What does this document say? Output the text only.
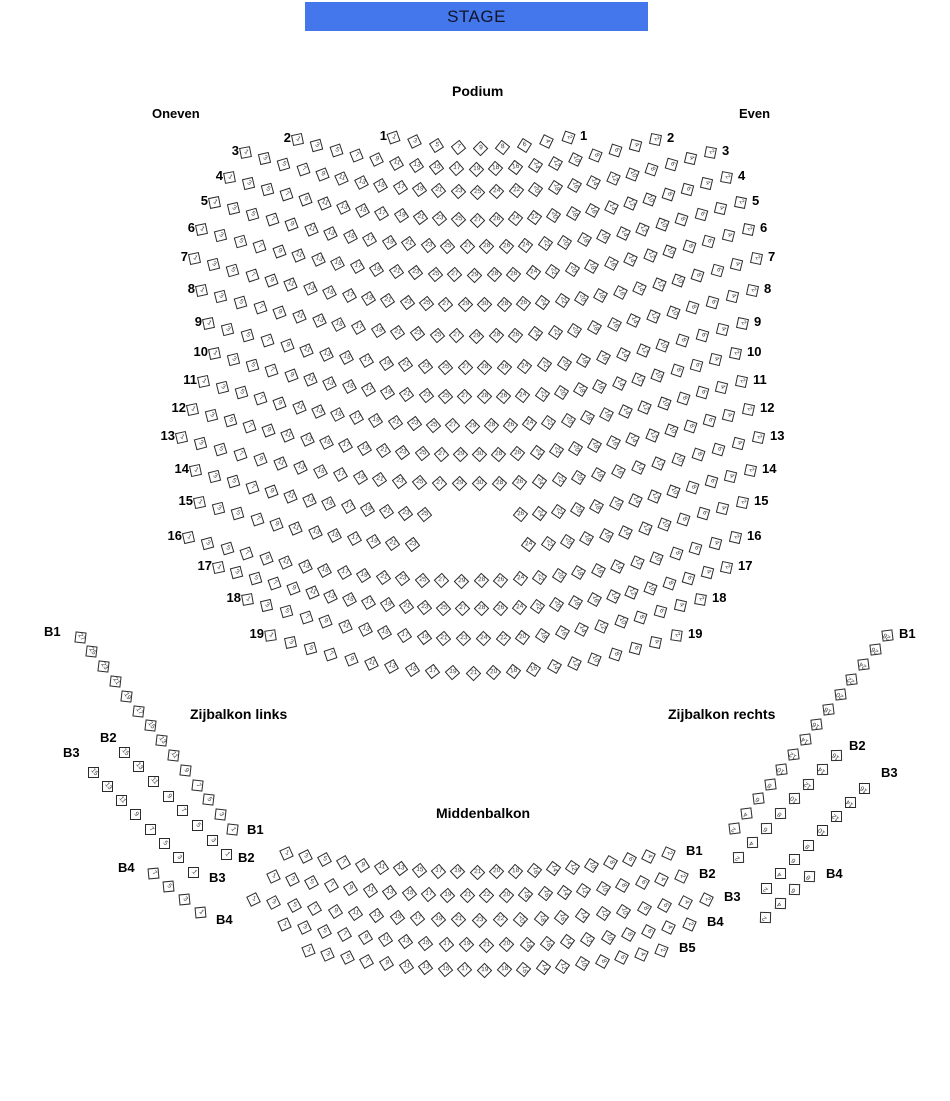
STAGE
Podium
Oneven	Even
Zijbalkon links	Zijbalkon rechts
Middenbalkon
1
3	5	7	9	8	6	4
2
1	1
1
3
5
7
9 11 13 15 17 19 18 16 14 12 10 8
6
4
2
2	2
1
3
5
7
9 11 13 15 17 19 21 23 25 24 22 20 18 16 14 12 10
8
6
4
2
3	3
1
3
5
7
9 11 13 15 17 19 21 23 25 27 26 24 22 20 18 16 14 12 10
8
6
4
2
4	4
1
3
5
7
9 11 13 15 17 19 21 23 25 27 28 26 24 22 20 18 16 14 12 10
8
6
4
2
5	5
1
3
5
7
9 11 13 15 17 19 21 23 25 27 29 28 26 24 22 20 18 16 14 12 10
8
6
4
2
6	6
1
3
5
7
9 11 13 15 17 19 21 23 25 27 29 30 28 26 24 22 20 18 16 14 12 10
8
6
4
2
7	7
1
3
5
7
9 11 13 15 17 19 21 23 25 27 29 28 26 24 22 20 18 16 14 12 10
8
6
4
2
8	8
1
3
5
7
9 11 13 15 17 19 21 23 25 27 28 26 24 22 20 18 16 14 12 10
8
6
4
2
9	9
1
3
5
7
9 11 13 15 17 19 21 23 25 27 28 26 24 22 20 18 16 14 12 10
8
6
4
2
10	10
1
3
5
7
9 11 13 15 17 19 21 23 25 27 29 28 26 24 22 20 18 16 14 12 10
8
6
4
2
11	11
1
3
5
7
9 11 13 15 17 19 21 23 25 27 29 30 28 26 24 22 20 18 16 14 12 10
8
6
4
2
12	12
1
3
5
7
9 11 13 15 17 19 21 23 25 27 29 30 28 26 24 22 20 18 16 14 12 10
8
6
4
2
13	13
1
3
5
7
9 11 13 15 17 19 21 23 25	26 24 22 20 18 16 14 12 10
8
6
4
2
14	14
1
3
5
7
9 11 13 15 17 19 21 23	24 22 20 18 16 14 12 10
8
6
4
2
15	15
1
3
5
7
9 11 13 15 17 19 21 23 25 27 29 28 26 24 22 20 18 16 14 12 10
8
6
4
2
16	16
1
3
5
7
9 11 13 15 17 19 21 23 25 27 28 26 24 22 20 18 16 14 12 10 8
6
4
2
17	17
1
3
5
7
9 11 13 15 17 19 21 23 24 22 20 18 16 14 12 10
8
6
4
2
18	18
1
3
5
7
9 11 13 15 17 19 21 20 18 16 14 12 10
8
6
4
2
19	19
1 3 5 7 9 11 13 15 17 19 21 20 18 16 14 12 10 8
6
4
2 B1
1 3 5 7 9 11 13 15 17 19 21 22 20 18 16 14 12 10 8
6
4
2 B2
1 3 5 7 9 11 13 15 17 19 21 23 22 20 18 16 14 12 10 8
6
4
2 B3
1
3 5 7 9 11 13 15 17 19 21 20 18 16 14 12 10 8
6
4
2 B4
1
3 5 7 9 11 13 15 17 19 18 16 14 12 10 8
6
4
2 B5
27
25
23
21
19
17
15
13
11
9
7
5
3
1
B1
B1
15
13
11
9
7
5
3
1
B2
B2
15
13
11
9
7
5
3
1
B3
B3
7
5
3
1
B4
B4
28
26
24
22
20
18
16
14
12
10
8
6
4
2
B1
16
14
12
10
8
6
4
2
B2
16
14
12
10
8
6
4
2
B3
8
6
4
2
B4
